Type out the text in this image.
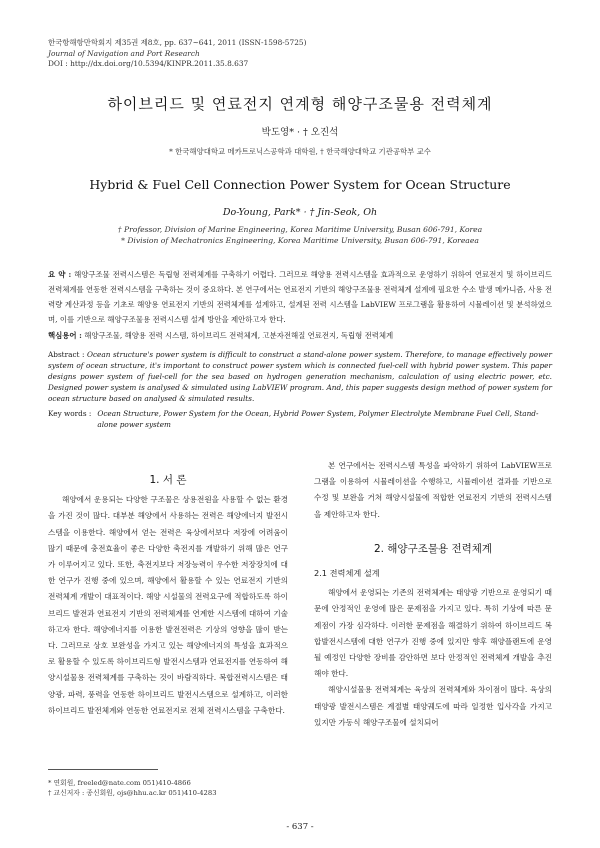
한국항해항만학회지 제35권 제8호, pp. 637~641, 2011 (ISSN-1598-5725)
Journal of Navigation and Port Research
DOI : http://dx.doi.org/10.5394/KINPR.2011.35.8.637
하이브리드 및 연료전지 연계형 해양구조물용 전력체계
박도영* · † 오진석
* 한국해양대학교 메카트로닉스공학과 대학원, † 한국해양대학교 기관공학부 교수
Hybrid & Fuel Cell Connection Power System for Ocean Structure
Do-Young, Park* · † Jin-Seok, Oh
† Professor, Division of Marine Engineering, Korea Maritime University, Busan 606-791, Korea
* Division of Mechatronics Engineering, Korea Maritime University, Busan 606-791, Koreaea
요 약 : 해양구조물 전력시스템은 독립형 전력체계를 구축하기 어렵다. 그러므로 해양용 전력시스템을 효과적으로 운영하기 위하여 연료전지 및 하이브리드 전력체계를 연동한 전력시스템을 구축하는 것이 중요하다. 본 연구에서는 연료전지 기반의 해양구조물용 전력체계 설계에 필요한 수소 발생 메카니즘, 사용 전력량 계산과정 등을 기초로 해양용 연료전지 기반의 전력체계를 설계하고, 설계된 전력 시스템을 LabVIEW 프로그램을 활용하여 시뮬레이션 및 분석하였으며, 이를 기반으로 해양구조물용 전력시스템 설계 방안을 제안하고자 한다.
핵심용어 : 해양구조물, 해양용 전력 시스템, 하이브리드 전력체계, 고분자전해질 연료전지, 독립형 전력체계
Abstract : Ocean structure's power system is difficult to construct a stand-alone power system. Therefore, to manage effectively power system of ocean structure, it's important to construct power system which is connected fuel-cell with hybrid power system. This paper designs power system of fuel-cell for the sea based on hydrogen generation mechanism, calculation of using electric power, etc. Designed power system is analysed & simulated using LabVIEW program. And, this paper suggests design method of power system for ocean structure based on analysed & simulated results.
Key words : Ocean Structure, Power System for the Ocean, Hybrid Power System, Polymer Electrolyte Membrane Fuel Cell, Stand-alone power system
1. 서 론

해양에서 운용되는 다양한 구조물은 상용전원을 사용할 수 없는 환경을 가진 것이 많다. 대부분 해양에서 사용하는 전력은 해양에너지 발전시스템을 이용한다. 해양에서 얻는 전력은 육상에서보다 저장에 어려움이 많기 때문에 충전효율이 좋은 다양한 축전지를 개발하기 위해 많은 연구가 이루어지고 있다. 또한, 축전지보다 저장능력이 우수한 저장장치에 대한 연구가 진행 중에 있으며, 해양에서 활용할 수 있는 연료전지 기반의 전력체계 개발이 대표적이다. 해양 시설물의 전력요구에 적합하도록 하이브리드 발전과 연료전지 기반의 전력체계를 연계한 시스템에 대하여 기술하고자 한다. 해양에너지를 이용한 발전전력은 기상의 영향을 많이 받는다. 그러므로 상호 보완성을 가지고 있는 해양에너지의 특성을 효과적으로 활용할 수 있도록 하이브리드형 발전시스템과 연료전지를 연동하여 해양시설물용 전력체계를 구축하는 것이 바람직하다. 복합전력시스템은 태양광, 파력, 풍력을 연동한 하이브리드 발전시스템으로 설계하고, 이러한 하이브리드 발전체계와 연동한 연료전지로 전체 전력시스템을 구축한다.

본 연구에서는 전력시스템 특성을 파악하기 위하여 LabVIEW프로그램을 이용하여 시뮬레이션을 수행하고, 시뮬레이션 결과를 기반으로 수정 및 보완을 거쳐 해양시설물에 적합한 연료전지 기반의 전력시스템을 제안하고자 한다.

2. 해양구조물용 전력체계
2.1 전력체계 설계

해양에서 운영되는 기존의 전력체계는 태양광 기반으로 운영되기 때문에 안정적인 운영에 많은 문제점을 가지고 있다. 특히 기상에 따른 문제점이 가장 심각하다. 이러한 문제점을 해결하기 위하여 하이브리드 복합발전시스템에 대한 연구가 진행 중에 있지만 향후 해양플랜트에 운영될 예정인 다양한 장비를 감안하면 보다 안정적인 전력체계 개발을 추진해야 한다.

해양시설물용 전력체계는 육상의 전력체계와 차이점이 많다. 육상의 태양광 발전시스템은 계절별 태양궤도에 따라 일정한 입사각을 가지고 있지만 가동식 해양구조물에 설치되어

* 연회원, freeled@nate.com 051)410-4866
† 교신저자 : 종신회원, ojs@hhu.ac.kr 051)410-4283
- 637 -
